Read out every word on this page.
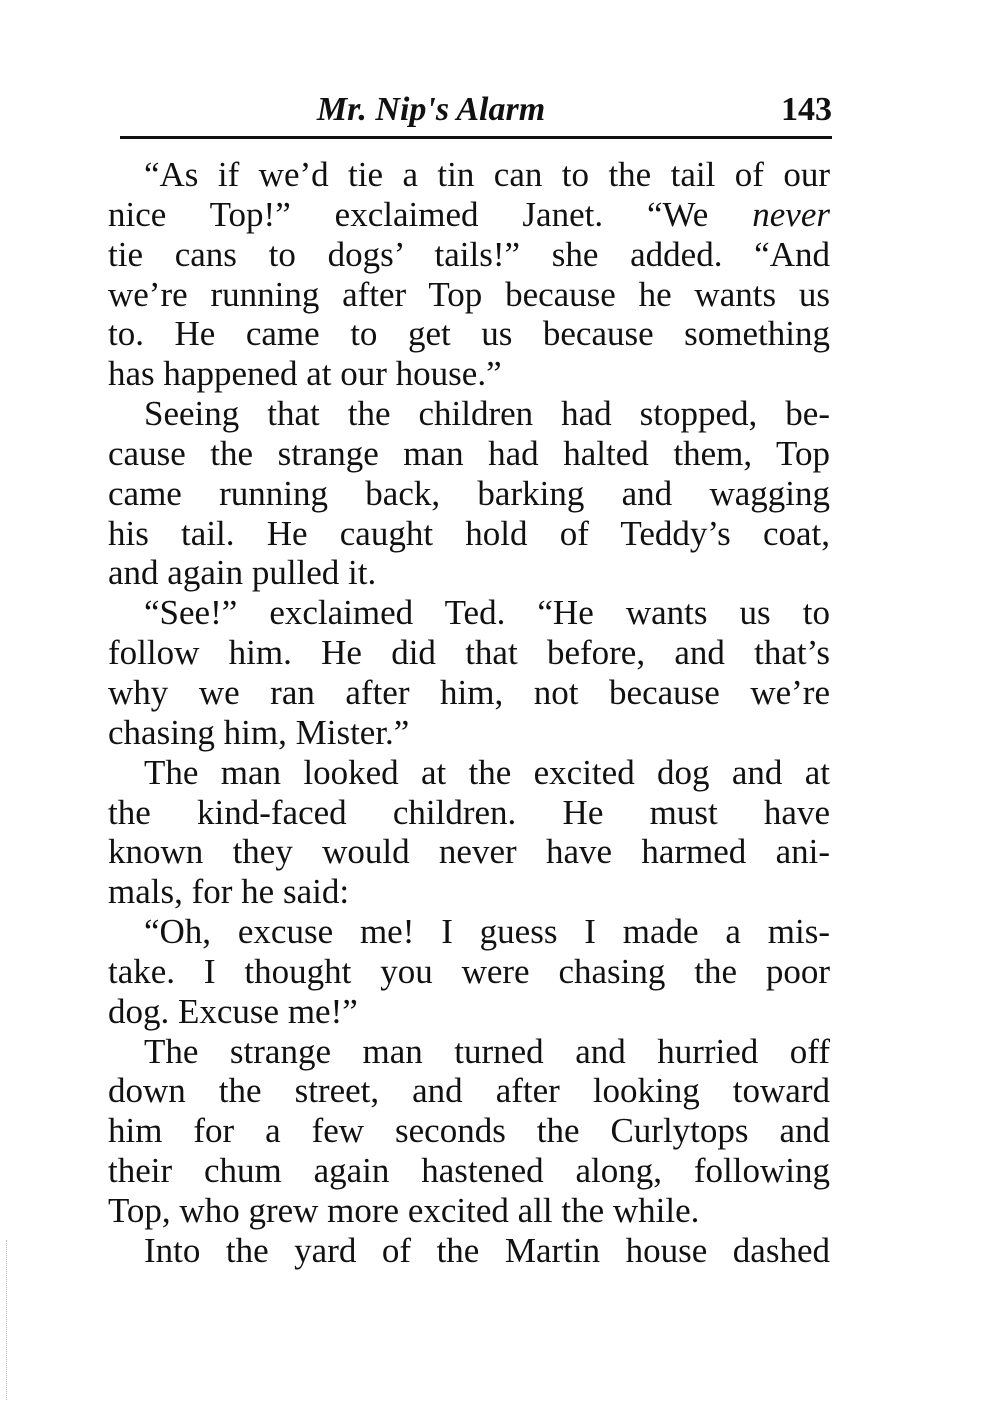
Mr. Nip's Alarm	143

“As if we’d tie a tin can to the tail of our
nice Top!” exclaimed Janet. “We never
tie cans to dogs’ tails!” she added. “And
we’re running after Top because he wants us
to. He came to get us because something
has happened at our house.”

Seeing that the children had stopped, be-
cause the strange man had halted them, Top
came running back, barking and wagging
his tail. He caught hold of Teddy’s coat,
and again pulled it.

“See!” exclaimed Ted. “He wants us to
follow him. He did that before, and that’s
why we ran after him, not because we’re
chasing him, Mister.”

The man looked at the excited dog and at
the kind-faced children. He must have
known they would never have harmed ani-
mals, for he said:

“Oh, excuse me! I guess I made a mis-
take. I thought you were chasing the poor
dog. Excuse me!”

The strange man turned and hurried off
down the street, and after looking toward
him for a few seconds the Curlytops and
their chum again hastened along, following
Top, who grew more excited all the while.

Into the yard of the Martin house dashed
